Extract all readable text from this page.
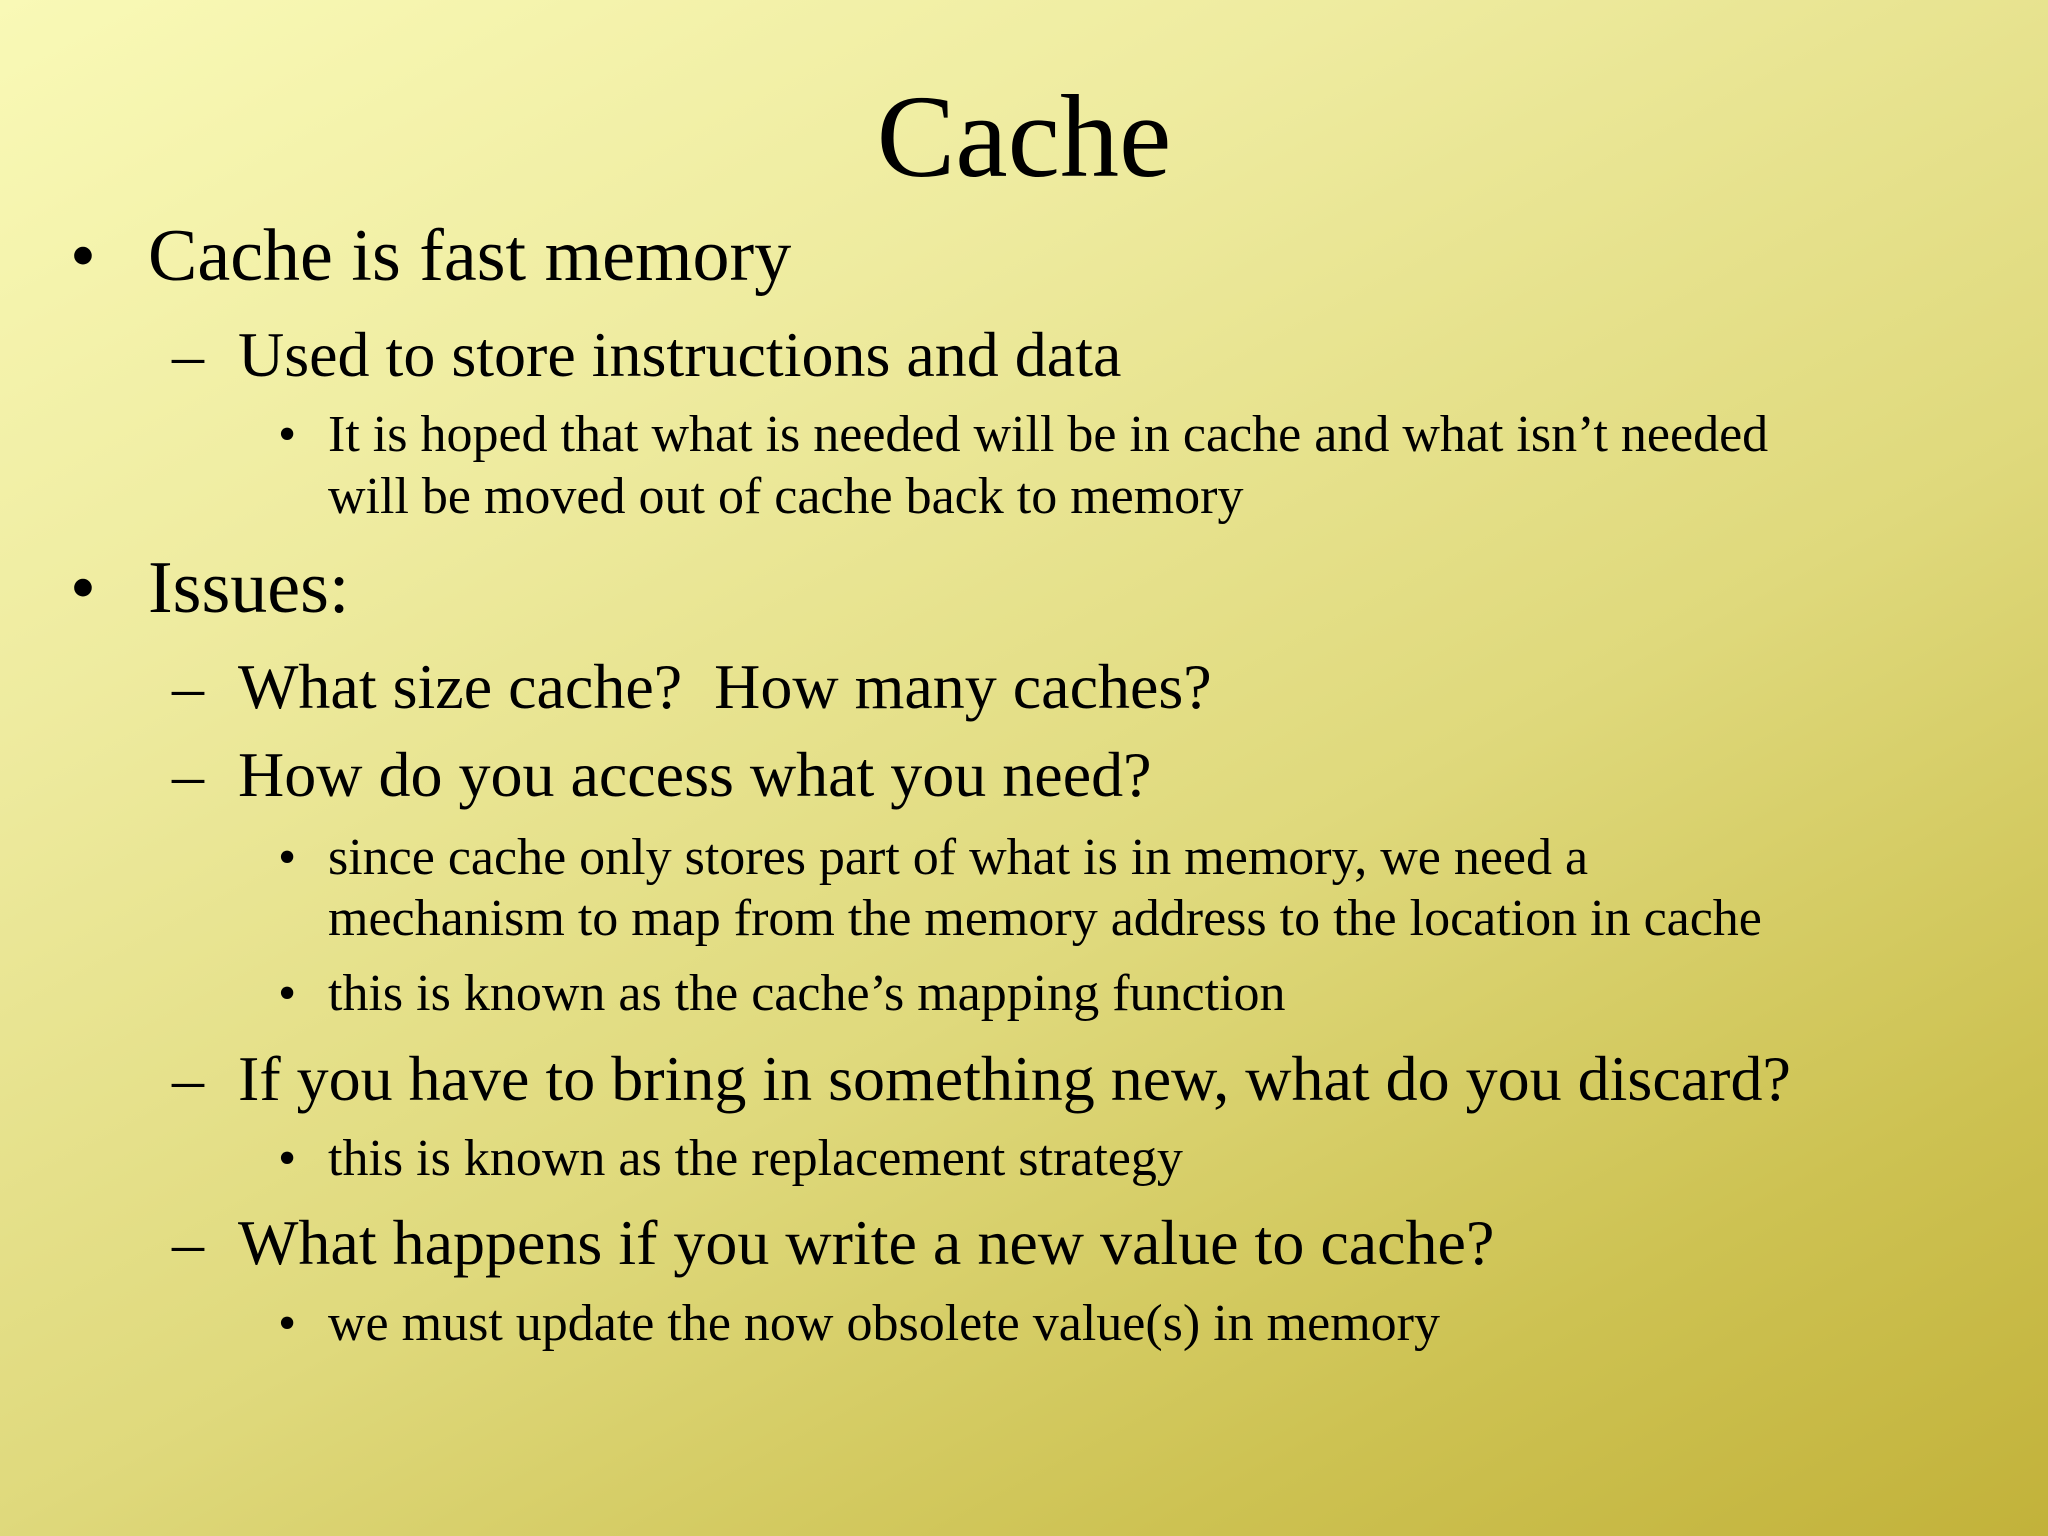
Cache
• Cache is fast memory
– Used to store instructions and data
• It is hoped that what is needed will be in cache and what isn’t needed
will be moved out of cache back to memory
• Issues:
– What size cache?  How many caches?
– How do you access what you need?
• since cache only stores part of what is in memory, we need a
mechanism to map from the memory address to the location in cache
• this is known as the cache’s mapping function
– If you have to bring in something new, what do you discard?
• this is known as the replacement strategy
– What happens if you write a new value to cache?
• we must update the now obsolete value(s) in memory
